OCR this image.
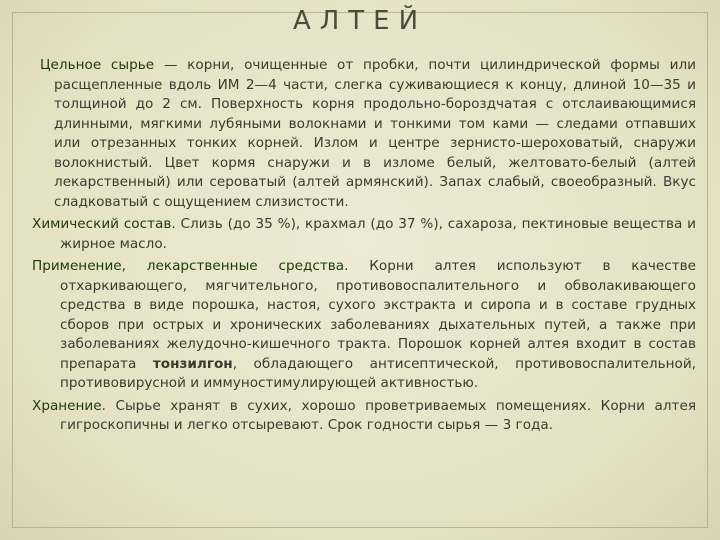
АЛТЕЙ

Цельное сырье — корни, очищенные от пробки, почти цилиндрической формы или расщепленные вдоль ИМ 2—4 части, слегка суживающиеся к концу, длиной 10—35 и толщиной до 2 см. Поверхность корня продольно-бороздчатая с отслаивающимися длинными, мягкими лубяными волокнами и тонкими том ками — следами отпавших или отрезанных тонких корней. Излом и центре зернисто-шероховатый, снаружи волокнистый. Цвет кормя снаружи и в изломе белый, желтовато-белый (алтей лекарственный) или сероватый (алтей армянский). Запах слабый, своеобразный. Вкус сладковатый с ощущением слизистости.

Химический состав. Слизь (до 35 %), крахмал (до 37 %), сахароза, пектиновые вещества и жирное масло.

Применение, лекарственные средства. Корни алтея используют в качестве отхаркивающего, мягчительного, противовоспалительного и обволакивающего средства в виде порошка, настоя, сухого экстракта и сиропа и в составе грудных сборов при острых и хронических заболеваниях дыхательных путей, а также при заболеваниях желудочно-кишечного тракта. Порошок корней алтея входит в состав препарата тонзилгон, обладающего антисептической, противовоспалительной, противовирусной и иммуностимулирующей активностью.

Хранение. Сырье хранят в сухих, хорошо проветриваемых помещениях. Корни алтея гигроскопичны и легко отсыревают. Срок годности сырья — 3 года.
